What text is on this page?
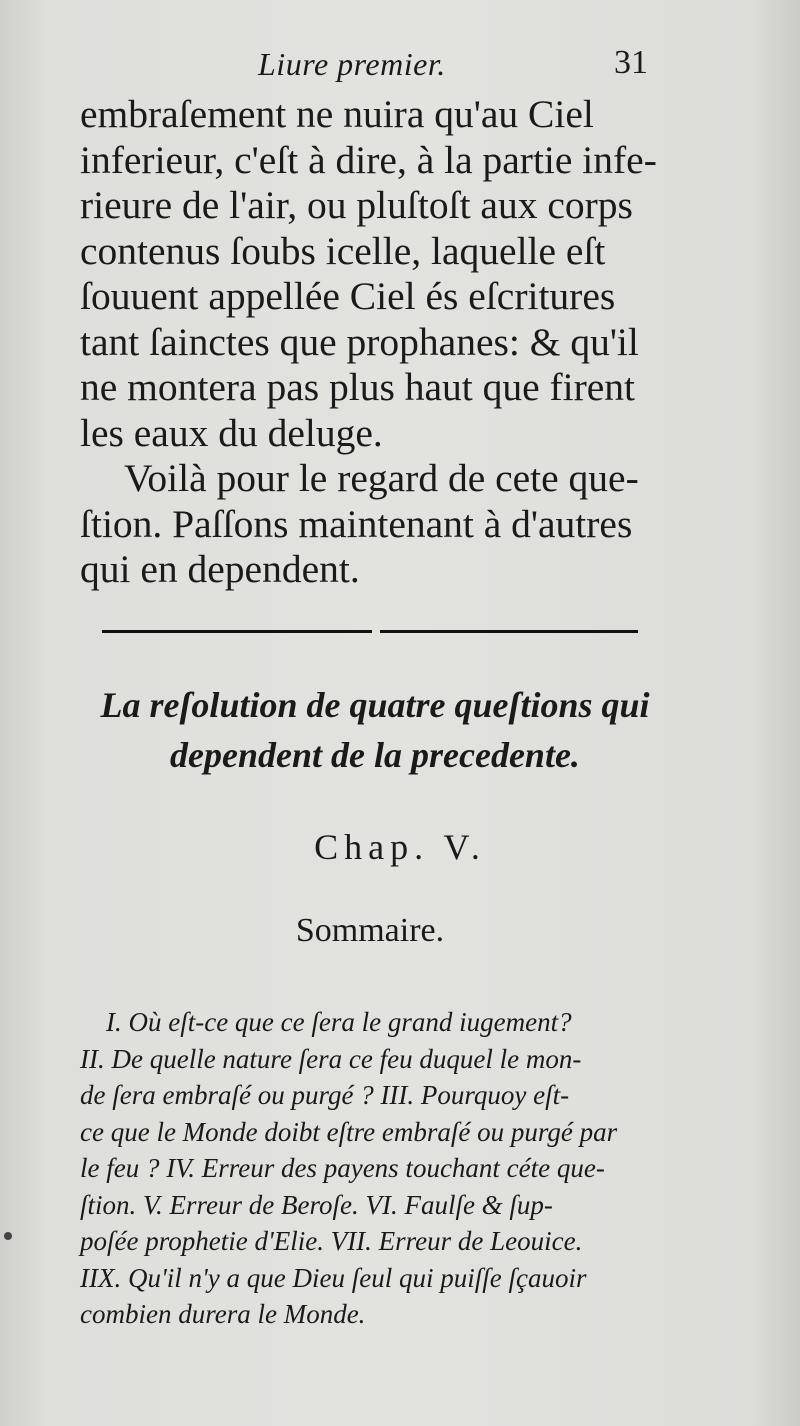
Liure premier.	31
embraſement ne nuira qu'au Ciel
inferieur, c'eſt à dire, à la partie infe-
rieure de l'air, ou pluſtoſt aux corps
contenus ſoubs icelle, laquelle eſt
ſouuent appellée Ciel és eſcritures
tant ſainctes que prophanes: & qu'il
ne montera pas plus haut que firent
les eaux du deluge.
Voilà pour le regard de cete que-
ſtion. Paſſons maintenant à d'autres
qui en dependent.
La reſolution de quatre queſtions qui
dependent de la precedente.
Chap. V.
Sommaire.
I. Où eſt-ce que ce ſera le grand iugement?
II. De quelle nature ſera ce feu duquel le mon-
de ſera embraſé ou purgé ? III. Pourquoy eſt-
ce que le Monde doibt eſtre embraſé ou purgé par
le feu ? IV. Erreur des payens touchant céte que-
ſtion. V. Erreur de Beroſe. VI. Faulſe & ſup-
poſée prophetie d'Elie. VII. Erreur de Leouice.
IIX. Qu'il n'y a que Dieu ſeul qui puiſſe ſçauoir
combien durera le Monde.
